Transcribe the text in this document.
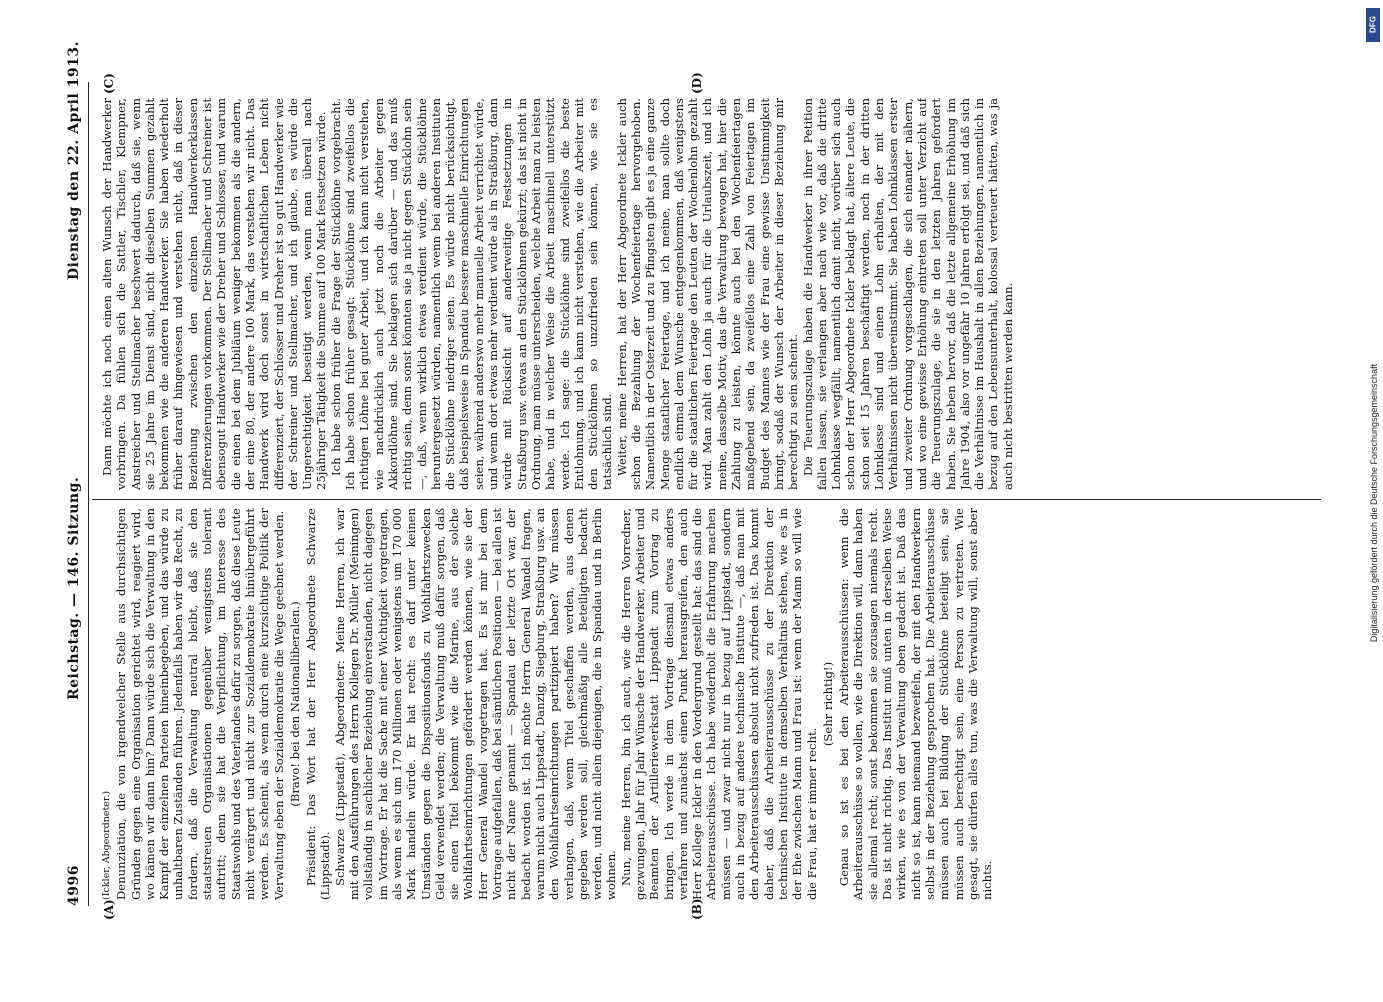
4996
Reichstag. — 146. Sitzung.
Dienstag den 22. April 1913.
(A)	(B)
(C)	(D)

(Ickler, Abgeordneter.) Denunziation, die von irgendwelcher Stelle aus durchsichtigen Gründen gegen eine Organisation gerichtet wird, reagiert wird, wo kämen wir dann hin? Dann würde sich die Verwaltung in den Kampf der einzelnen Parteien hineinbegeben, und das würde zu unhaltbaren Zuständen führen. Jedenfalls haben wir das Recht, zu fordern, daß die Verwaltung neutral bleibt, daß sie den staatstreuen Organisationen gegenüber wenigstens tolerant auftritt; denn sie hat die Verpflichtung, im Interesse des Staatswohls und des Vaterlandes dafür zu sorgen, daß diese Leute nicht verärgert und nicht zur Sozialdemokratie hinübergeführt werden. Es scheint, als wenn durch eine kurzsichtige Politik der Verwaltung eben der Sozialdemokratie die Wege geebnet werden. (Bravo! bei den Nationalliberalen.) Präsident: Das Wort hat der Herr Abgeordnete Schwarze (Lippstadt). Schwarze (Lippstadt), Abgeordneter: Meine Herren, ich war mit den Ausführungen des Herrn Kollegen Dr. Müller (Meiningen) vollständig in sachlicher Beziehung einverstanden, nicht dagegen im Vortrage. Er hat die Sache mit einer Wichtigkeit vorgetragen, als wenn es sich um 170 Millionen oder wenigstens um 170 000 Mark handeln würde. Er hat recht: es darf unter keinen Umständen gegen die Dispositionsfonds zu Wohlfahrtszwecken Geld verwendet werden; die Verwaltung muß dafür sorgen, daß sie einen Titel bekommt wie die Marine, aus der solche Wohlfahrtseinrichtungen gefördert werden können, wie sie der Herr General Wandel vorgetragen hat. Es ist mir bei dem Vortrage aufgefallen, daß bei sämtlichen Positionen — bei allen ist nicht der Name genannt — Spandau der letzte Ort war, der bedacht worden ist. Ich möchte Herrn General Wandel fragen, warum nicht auch Lippstadt, Danzig, Siegburg, Straßburg usw. an den Wohlfahrtseinrichtungen partizipiert haben? Wir müssen verlangen, daß, wenn Titel geschaffen werden, aus denen gegeben werden soll, gleichmäßig alle Beteiligten bedacht werden, und nicht allein diejenigen, die in Spandau und in Berlin wohnen. Nun, meine Herren, bin ich auch, wie die Herren Vorredner, gezwungen, Jahr für Jahr Wünsche der Handwerker, Arbeiter und Beamten der Artilleriewerkstatt Lippstadt zum Vortrag zu bringen. Ich werde in dem Vortrage diesmal etwas anders verfahren und zunächst einen Punkt herausgreifen, den auch Herr Kollege Ickler in den Vordergrund gestellt hat: das sind die Arbeiterausschüsse. Ich habe wiederholt die Erfahrung machen müssen — und zwar nicht nur in bezug auf Lippstadt, sondern auch in bezug auf andere technische Institute —, daß man mit den Arbeiterausschüssen absolut nicht zufrieden ist. Das kommt daher, daß die Arbeiterausschüsse zu der Direktion der technischen Institute in demselben Verhältnis stehen, wie es in der Ehe zwischen Mann und Frau ist: wenn der Mann so will wie die Frau, hat er immer recht.

(Sehr richtig!) Genau so ist es bei den Arbeiterausschüssen: wenn die Arbeiterausschüsse so wollen, wie die Direktion will, dann haben sie allemal recht; sonst bekommen sie sozusagen niemals recht. Das ist nicht richtig. Das Institut muß unten in derselben Weise wirken, wie es von der Verwaltung oben gedacht ist. Daß das nicht so ist, kann niemand bezweifeln, der mit den Handwerkern selbst in der Beziehung gesprochen hat. Die Arbeiterausschüsse müssen auch bei Bildung der Stücklöhne beteiligt sein, sie müssen auch berechtigt sein, eine Person zu vertreten. Wie gesagt, sie dürfen alles tun, was die Verwaltung will, sonst aber nichts.

Dann möchte ich noch einen alten Wunsch der Handwerker vorbringen. Da fühlen sich die Sattler, Tischler, Klempner, Anstreicher und Stellmacher beschwert dadurch, daß sie, wenn sie 25 Jahre im Dienst sind, nicht dieselben Summen gezahlt bekommen wie die anderen Handwerker. Sie haben wiederholt früher darauf hingewiesen und verstehen nicht, daß in dieser Beziehung zwischen den einzelnen Handwerkerklassen Differenzierungen vorkommen. Der Stellmacher und Schreiner ist ebensogut Handwerker wie der Dreher und Schlosser, und warum die einen bei dem Jubiläum weniger bekommen als die andern, der eine 80, der andere 100 Mark, das verstehen wir nicht. Das Handwerk wird doch sonst in wirtschaftlichen Leben nicht differenziert, der Schlosser und Dreher ist so gut Handwerker wie der Schreiner und Stellmacher, und ich glaube, es würde die Ungerechtigkeit beseitigt werden, wenn man überall nach 25jähriger Tätigkeit die Summe auf 100 Mark festsetzen würde. Ich habe schon früher die Frage der Stücklöhne vorgebracht. Ich habe schon früher gesagt: Stücklöhne sind zweifellos die richtigen Löhne bei guter Arbeit, und ich kann nicht verstehen, wie nachdrücklich auch jetzt noch die Arbeiter gegen Akkordlöhne sind. Sie beklagen sich darüber — und das muß richtig sein, denn sonst könnten sie ja nicht gegen Stücklohn sein —, daß, wenn wirklich etwas verdient würde, die Stücklöhne heruntergesetzt würden, namentlich wenn bei anderen Instituten die Stücklöhne niedriger seien. Es würde nicht berücksichtigt, daß beispielsweise in Spandau bessere maschinelle Einrichtungen seien, während anderswo mehr manuelle Arbeit verrichtet würde, und wenn dort etwas mehr verdient würde als in Straßburg, dann würde mit Rücksicht auf anderweitige Festsetzungen in Straßburg usw. etwas an den Stücklöhnen gekürzt; das ist nicht in Ordnung, man müsse unterscheiden, welche Arbeit man zu leisten habe, und in welcher Weise die Arbeit maschinell unterstützt werde. Ich sage: die Stücklöhne sind zweifellos die beste Entlohnung, und ich kann nicht verstehen, wie die Arbeiter mit den Stücklöhnen so unzufrieden sein können, wie sie es tatsächlich sind. Weiter, meine Herren, hat der Herr Abgeordnete Ickler auch schon die Bezahlung der Wochenfeiertage hervorgehoben. Namentlich in der Osterzeit und zu Pfingsten gibt es ja eine ganze Menge staatlicher Feiertage, und ich meine, man sollte doch endlich einmal dem Wunsche entgegenkommen, daß wenigstens für die staatlichen Feiertage den Leuten der Wochenlohn gezahlt wird. Man zahlt den Lohn ja auch für die Urlaubszeit, und ich meine, dasselbe Motiv, das die Verwaltung bewogen hat, hier die Zahlung zu leisten, könnte auch bei den Wochenfeiertagen maßgebend sein, da zweifellos eine Zahl von Feiertagen im Budget des Mannes wie der Frau eine gewisse Unstimmigkeit bringt, sodaß der Wunsch der Arbeiter in dieser Beziehung mir berechtigt zu sein scheint. Die Teuerungszulage haben die Handwerker in ihrer Petition fallen lassen, sie verlangen aber nach wie vor, daß die dritte Lohnklasse wegfällt, namentlich damit nicht, worüber sich auch schon der Herr Abgeordnete Ickler beklagt hat, ältere Leute, die schon seit 15 Jahren beschäftigt werden, noch in der dritten Lohnklasse sind und einen Lohn erhalten, der mit den Verhältnissen nicht übereinstimmt. Sie haben Lohnklassen erster und zweiter Ordnung vorgeschlagen, die sich einander nähern, und wo eine gewisse Erhöhung eintreten soll unter Verzicht auf die Teuerungszulage, die sie in den letzten Jahren gefordert haben. Sie heben hervor, daß die letzte allgemeine Erhöhung im Jahre 1904, also vor ungefähr 10 Jahren erfolgt sei, und daß sich die Verhältnisse im Haushalt in allen Beziehungen, namentlich in bezug auf den Lebensunterhalt, kolossal verteuert hätten, was ja auch nicht bestritten werden kann.	Digitalisierung gefördert durch die Deutsche Forschungsgemeinschaft
DFG
